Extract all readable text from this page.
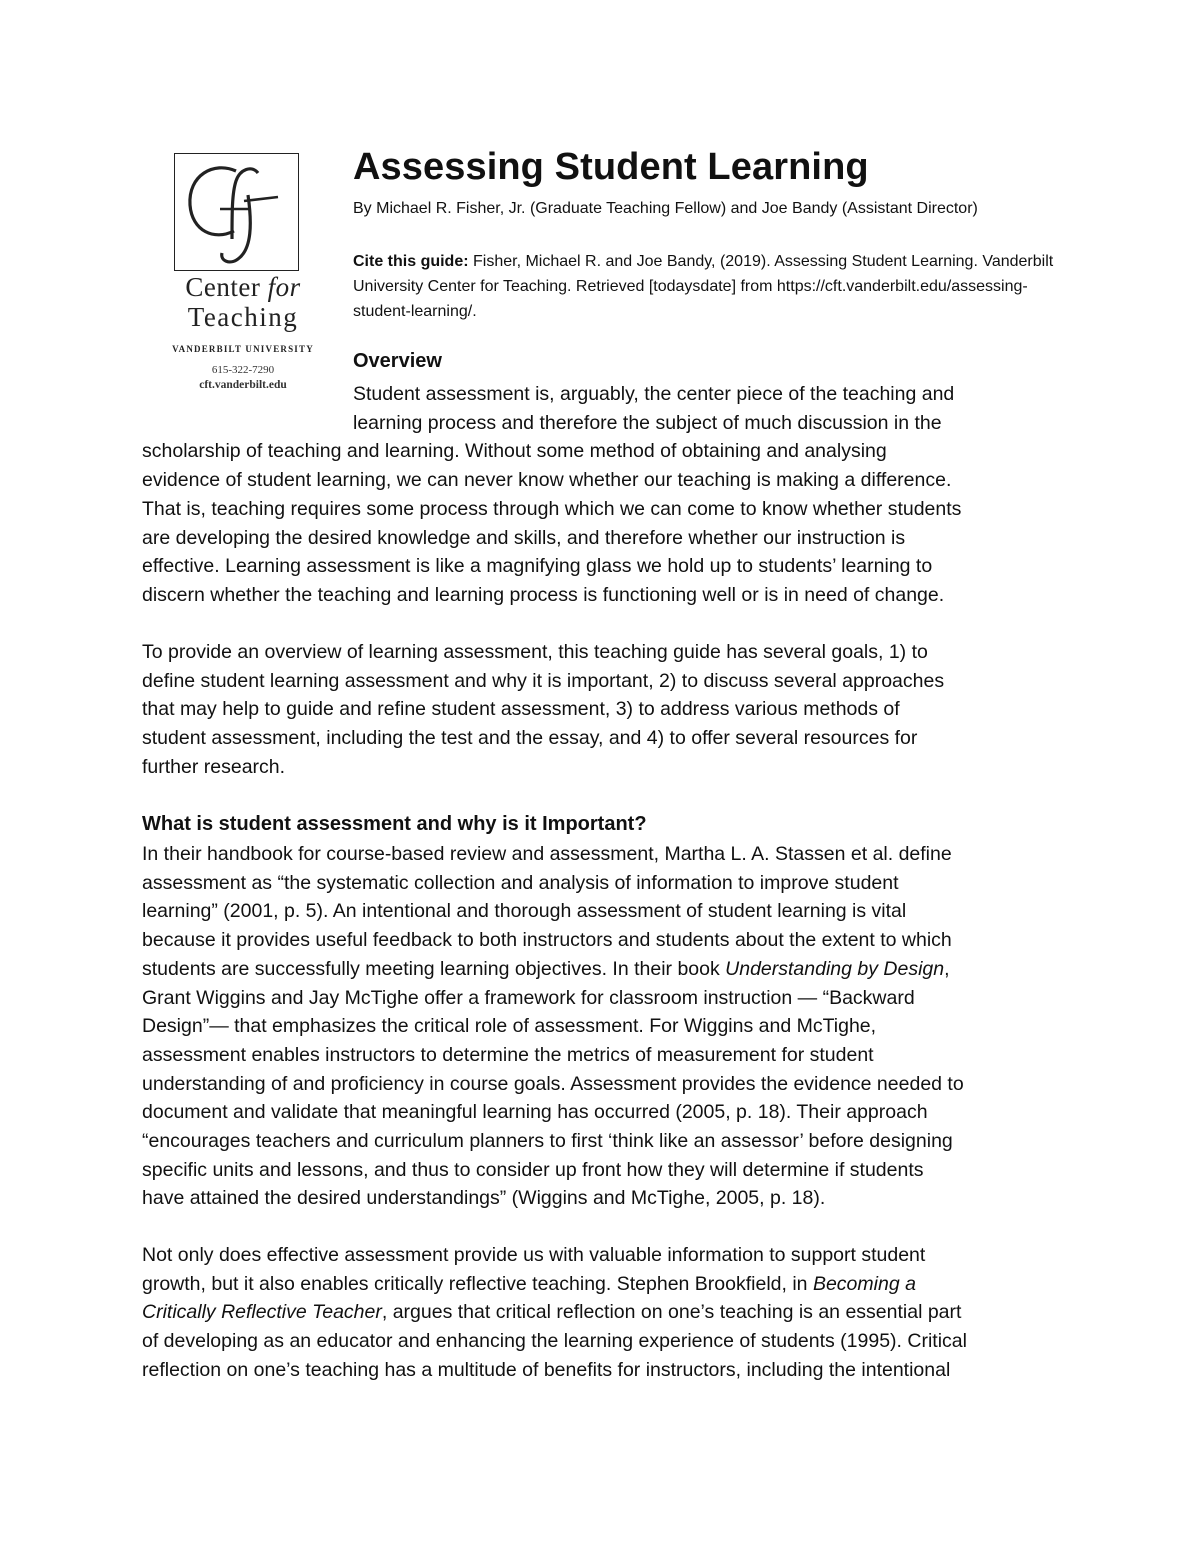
Center for
Teaching
VANDERBILT UNIVERSITY
615-322-7290
cft.vanderbilt.edu
Assessing Student Learning
By Michael R. Fisher, Jr. (Graduate Teaching Fellow) and Joe Bandy (Assistant Director)
Cite this guide: Fisher, Michael R. and Joe Bandy, (2019). Assessing Student Learning. Vanderbilt University Center for Teaching. Retrieved [todaysdate] from https://cft.vanderbilt.edu/assessing-student-learning/.
Overview
Student assessment is, arguably, the center piece of the teaching and
learning process and therefore the subject of much discussion in the
scholarship of teaching and learning. Without some method of obtaining and analysing
evidence of student learning, we can never know whether our teaching is making a difference.
That is, teaching requires some process through which we can come to know whether students
are developing the desired knowledge and skills, and therefore whether our instruction is
effective. Learning assessment is like a magnifying glass we hold up to students’ learning to
discern whether the teaching and learning process is functioning well or is in need of change.
To provide an overview of learning assessment, this teaching guide has several goals, 1) to
define student learning assessment and why it is important, 2) to discuss several approaches
that may help to guide and refine student assessment, 3) to address various methods of
student assessment, including the test and the essay, and 4) to offer several resources for
further research.
What is student assessment and why is it Important?
In their handbook for course-based review and assessment, Martha L. A. Stassen et al. define
assessment as “the systematic collection and analysis of information to improve student
learning” (2001, p. 5). An intentional and thorough assessment of student learning is vital
because it provides useful feedback to both instructors and students about the extent to which
students are successfully meeting learning objectives. In their book Understanding by Design,
Grant Wiggins and Jay McTighe offer a framework for classroom instruction — “Backward
Design”— that emphasizes the critical role of assessment. For Wiggins and McTighe,
assessment enables instructors to determine the metrics of measurement for student
understanding of and proficiency in course goals. Assessment provides the evidence needed to
document and validate that meaningful learning has occurred (2005, p. 18). Their approach
“encourages teachers and curriculum planners to first ‘think like an assessor’ before designing
specific units and lessons, and thus to consider up front how they will determine if students
have attained the desired understandings” (Wiggins and McTighe, 2005, p. 18).
Not only does effective assessment provide us with valuable information to support student
growth, but it also enables critically reflective teaching. Stephen Brookfield, in Becoming a
Critically Reflective Teacher, argues that critical reflection on one’s teaching is an essential part
of developing as an educator and enhancing the learning experience of students (1995). Critical
reflection on one’s teaching has a multitude of benefits for instructors, including the intentional
